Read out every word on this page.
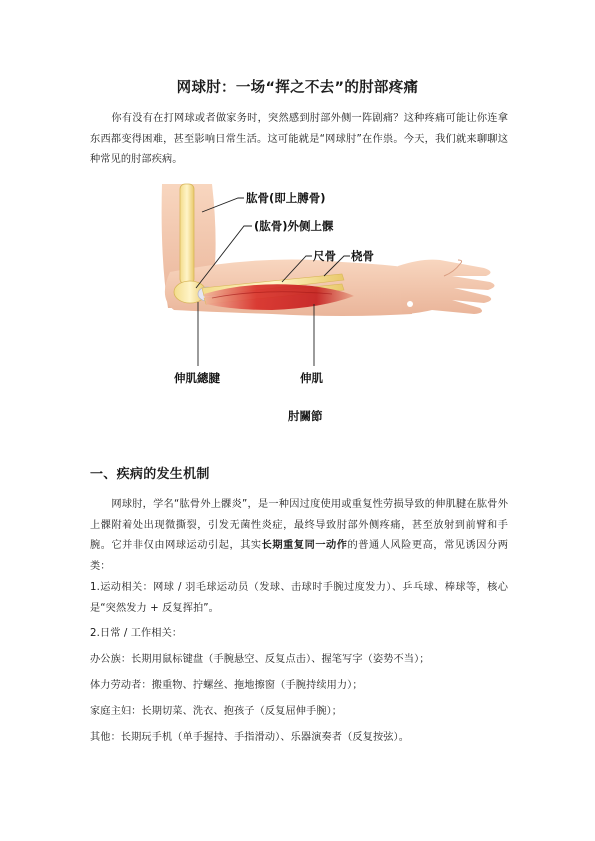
网球肘：一场“挥之不去”的肘部疼痛

你有没有在打网球或者做家务时，突然感到肘部外侧一阵剧痛？这种疼痛可能让你连拿东西都变得困难，甚至影响日常生活。这可能就是“网球肘”在作祟。今天，我们就来聊聊这种常见的肘部疾病。

肱骨(即上膊骨)
(肱骨)外侧上髁
尺骨 桡骨
伸肌總腱	伸肌
肘關節
一、疾病的发生机制

网球肘，学名“肱骨外上髁炎”，是一种因过度使用或重复性劳损导致的伸肌腱在肱骨外上髁附着处出现微撕裂，引发无菌性炎症，最终导致肘部外侧疼痛，甚至放射到前臂和手腕。它并非仅由网球运动引起，其实长期重复同一动作的普通人风险更高，常见诱因分两类：

1.运动相关：网球 / 羽毛球运动员（发球、击球时手腕过度发力）、乒乓球、棒球等，核心是“突然发力 + 反复挥拍”。

2.日常 / 工作相关：

办公族：长期用鼠标键盘（手腕悬空、反复点击）、握笔写字（姿势不当）；

体力劳动者：搬重物、拧螺丝、拖地擦窗（手腕持续用力）；

家庭主妇：长期切菜、洗衣、抱孩子（反复屈伸手腕）；

其他：长期玩手机（单手握持、手指滑动）、乐器演奏者（反复按弦）。
